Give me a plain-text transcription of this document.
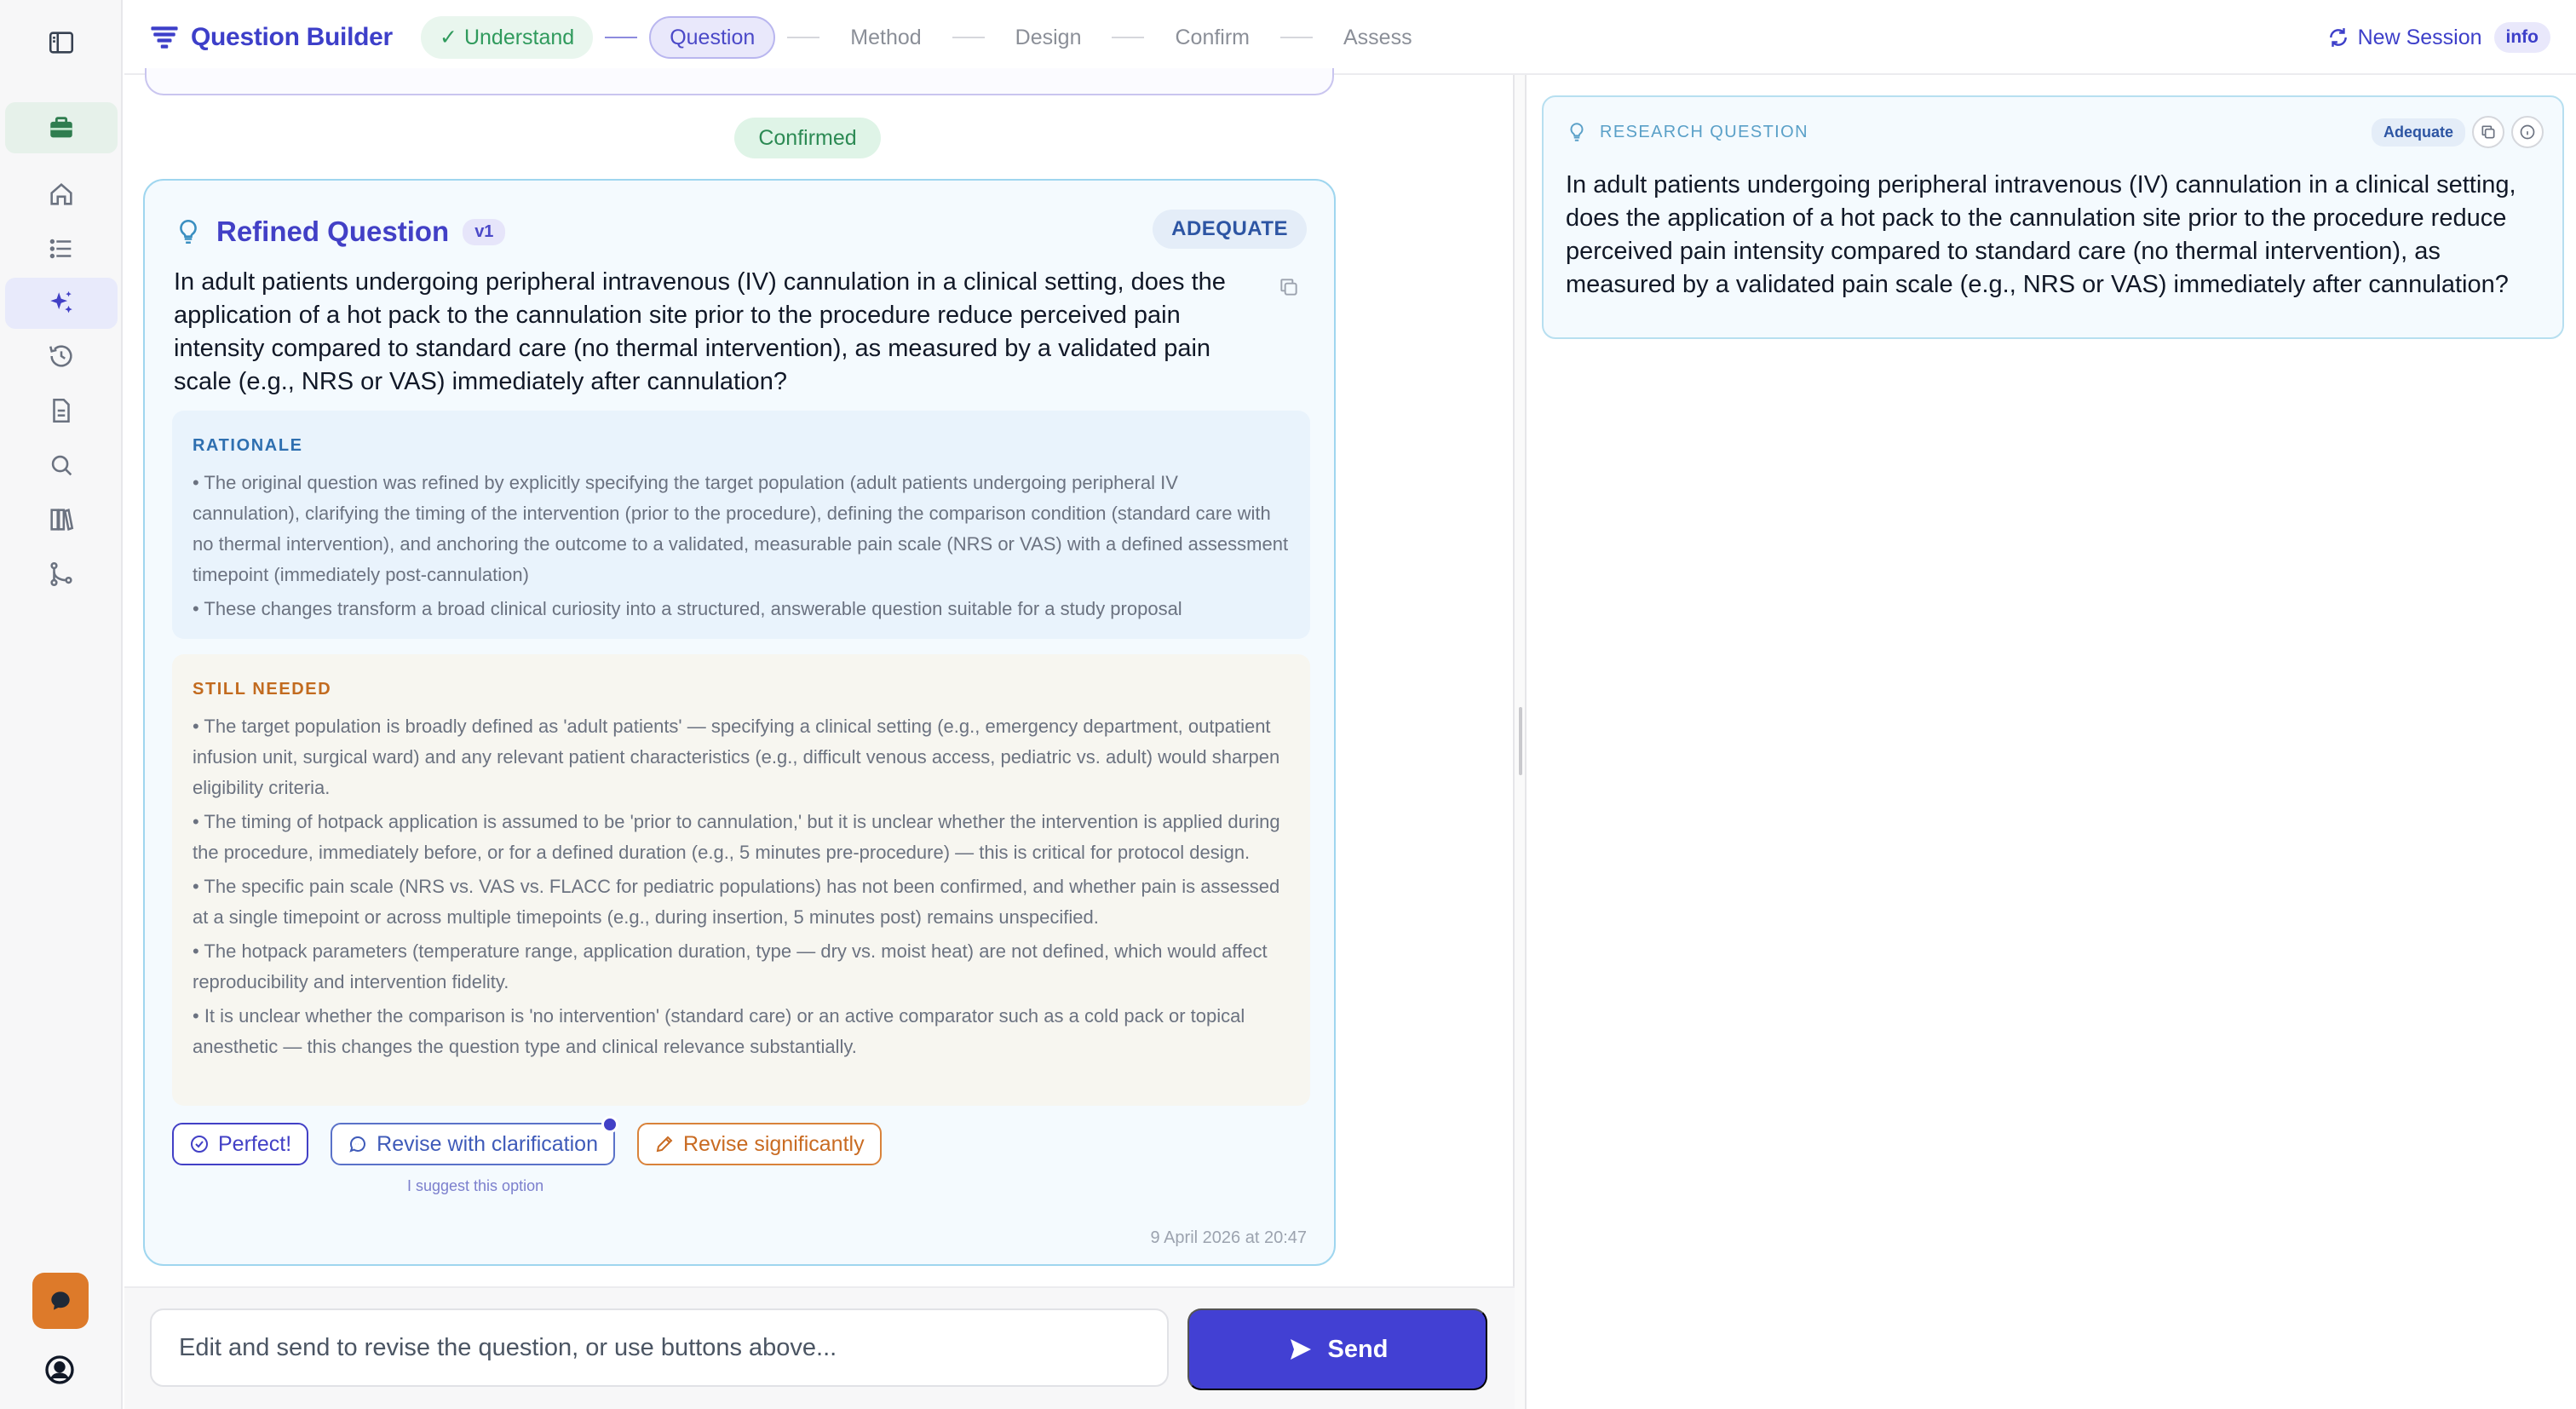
Question Builder ✓ Understand	Question	Method	Design	Confirm	Assess	New Session	info
Confirmed
Refined Question	v1	ADEQUATE

In adult patients undergoing peripheral intravenous (IV) cannulation in a clinical setting, does the application of a hot pack to the cannulation site prior to the procedure reduce perceived pain intensity compared to standard care (no thermal intervention), as measured by a validated pain scale (e.g., NRS or VAS) immediately after cannulation?

RATIONALE

• The original question was refined by explicitly specifying the target population (adult patients undergoing peripheral IV cannulation), clarifying the timing of the intervention (prior to the procedure), defining the comparison condition (standard care with no thermal intervention), and anchoring the outcome to a validated, measurable pain scale (NRS or VAS) with a defined assessment timepoint (immediately post-cannulation)

• These changes transform a broad clinical curiosity into a structured, answerable question suitable for a study proposal

STILL NEEDED

• The target population is broadly defined as 'adult patients' — specifying a clinical setting (e.g., emergency department, outpatient infusion unit, surgical ward) and any relevant patient characteristics (e.g., difficult venous access, pediatric vs. adult) would sharpen eligibility criteria.

• The timing of hotpack application is assumed to be 'prior to cannulation,' but it is unclear whether the intervention is applied during the procedure, immediately before, or for a defined duration (e.g., 5 minutes pre-procedure) — this is critical for protocol design.

• The specific pain scale (NRS vs. VAS vs. FLACC for pediatric populations) has not been confirmed, and whether pain is assessed at a single timepoint or across multiple timepoints (e.g., during insertion, 5 minutes post) remains unspecified.

• The hotpack parameters (temperature range, application duration, type — dry vs. moist heat) are not defined, which would affect reproducibility and intervention fidelity.

• It is unclear whether the comparison is 'no intervention' (standard care) or an active comparator such as a cold pack or topical anesthetic — this changes the question type and clinical relevance substantially.

Perfect!	Revise with clarification	Revise significantly
I suggest this option
9 April 2026 at 20:47
Edit and send to revise the question, or use buttons above...	Send
RESEARCH QUESTION	Adequate

In adult patients undergoing peripheral intravenous (IV) cannulation in a clinical setting, does the application of a hot pack to the cannulation site prior to the procedure reduce perceived pain intensity compared to standard care (no thermal intervention), as measured by a validated pain scale (e.g., NRS or VAS) immediately after cannulation?
